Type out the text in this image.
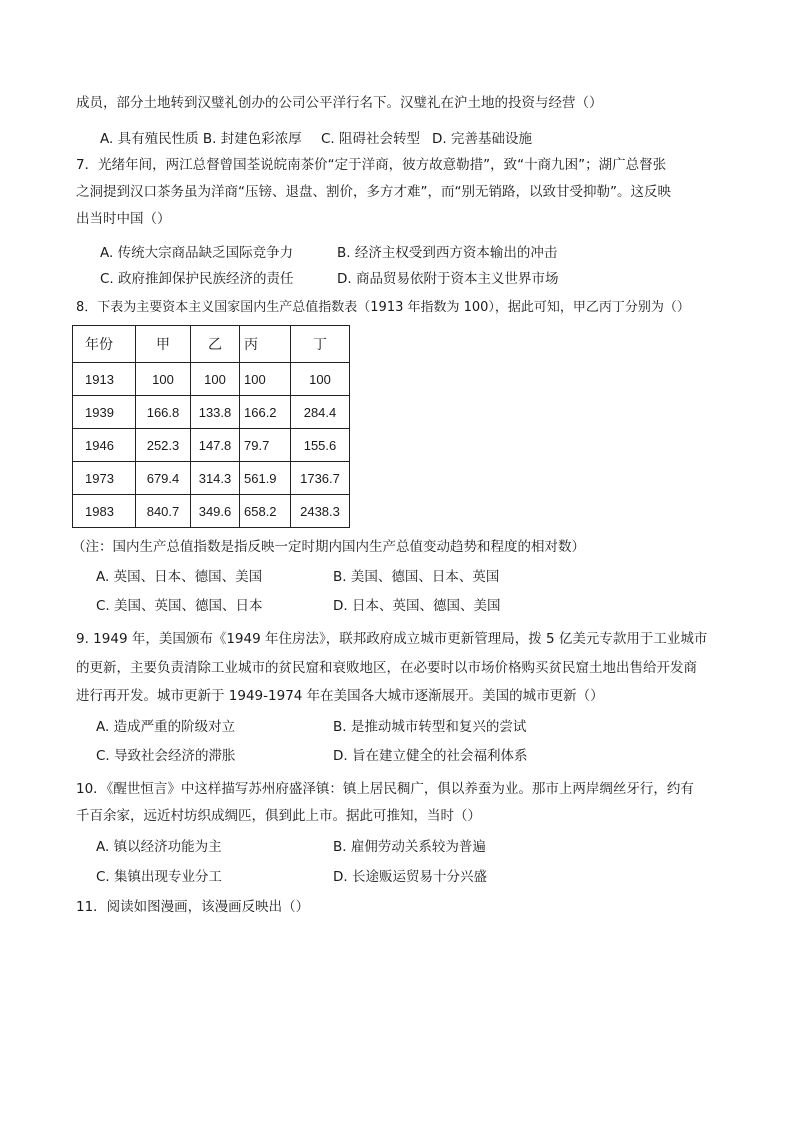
成员，部分土地转到汉璧礼创办的公司公平洋行名下。汉璧礼在沪土地的投资与经营（）
A. 具有殖民性质 B. 封建色彩浓厚 C. 阻碍社会转型 D. 完善基础设施
7．光绪年间，两江总督曾国荃说皖南茶价“定于洋商，彼方故意勒措”，致“十商九困”；湖广总督张
之洞提到汉口茶务虽为洋商“压镑、退盘、割价，多方才难”，而“别无销路，以致甘受抑勒”。这反映
出当时中国（）
A. 传统大宗商品缺乏国际竞争力	B. 经济主权受到西方资本输出的冲击
C. 政府推卸保护民族经济的责任	D. 商品贸易依附于资本主义世界市场
8．下表为主要资本主义国家国内生产总值指数表（1913 年指数为 100），据此可知，甲乙丙丁分别为（）
年份	甲	乙	丙	丁
1913	100	100	100	100
1939	166.8	133.8	166.2	284.4
1946	252.3	147.8	79.7	155.6
1973	679.4	314.3	561.9	1736.7
1983	840.7	349.6	658.2	2438.3
（注：国内生产总值指数是指反映一定时期内国内生产总值变动趋势和程度的相对数）
A. 英国、日本、德国、美国	B. 美国、德国、日本、英国
C. 美国、英国、德国、日本	D. 日本、英国、德国、美国
9. 1949 年，美国颁布《1949 年住房法》，联邦政府成立城市更新管理局，拨 5 亿美元专款用于工业城市
的更新，主要负责清除工业城市的贫民窟和衰败地区，在必要时以市场价格购买贫民窟土地出售给开发商
进行再开发。城市更新于 1949-1974 年在美国各大城市逐渐展开。美国的城市更新（）
A. 造成严重的阶级对立	B. 是推动城市转型和复兴的尝试
C. 导致社会经济的滞胀	D. 旨在建立健全的社会福利体系
10．《醒世恒言》中这样描写苏州府盛泽镇：镇上居民稠广，俱以养蚕为业。那市上两岸绸丝牙行，约有
千百余家，远近村坊织成绸匹，俱到此上市。据此可推知，当时（）
A. 镇以经济功能为主	B. 雇佣劳动关系较为普遍
C. 集镇出现专业分工	D. 长途贩运贸易十分兴盛
11．阅读如图漫画，该漫画反映出（）
